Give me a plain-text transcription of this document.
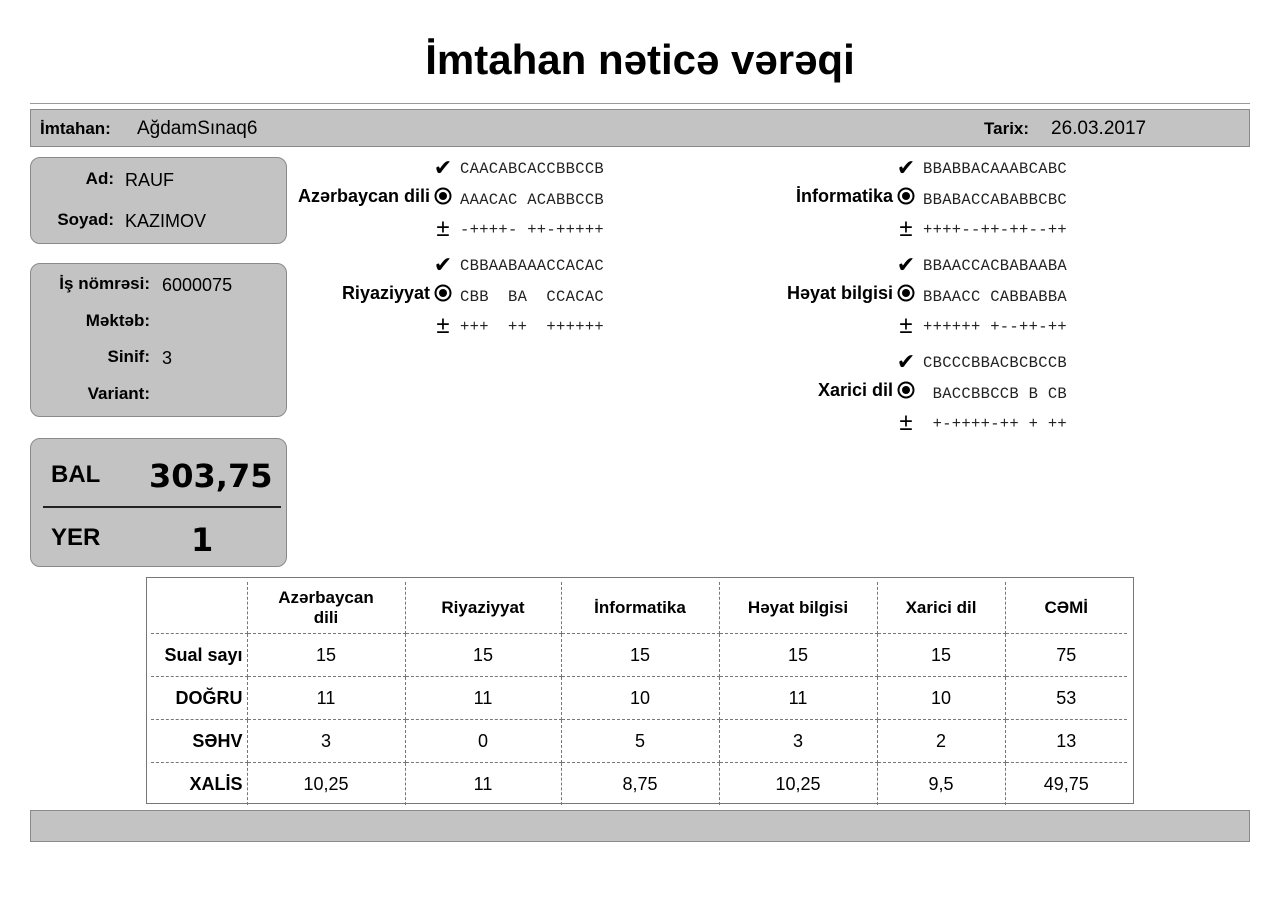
İmtahan nəticə vərəqi
İmtahan: AğdamSınaq6	Tarix: 26.03.2017
Ad: RAUF
Soyad: KAZIMOV
İş nömrəsi: 6000075
Məktəb:
Sinif: 3
Variant:
BAL 303,75
YER	1
Azərbaycan dili
✔
±
CAACABCACCBBCCB
AAACAC ACABBCCB
-++++- ++-+++++
Riyaziyyat
✔
±
CBBAABAAACCACAC
CBB  BA  CCACAC
+++  ++  ++++++
İnformatika
✔
±
BBABBACAAABCABC
BBABACCABABBCBC
++++--++-++--++
Həyat bilgisi
✔
±
BBAACCACBABAABA
BBAACC CABBABBA
++++++ +--++-++
Xarici dil
✔
±
CBCCCBBACBCBCCB
BACCBBCCB B CB
+-++++-++ + ++
	Azərbaycan dili	Riyaziyyat	İnformatika	Həyat bilgisi	Xarici dil	CƏMİ
Sual sayı	15	15	15	15	15	75
DOĞRU	11	11	10	11	10	53
SƏHV	3	0	5	3	2	13
XALİS	10,25	11	8,75	10,25	9,5	49,75
